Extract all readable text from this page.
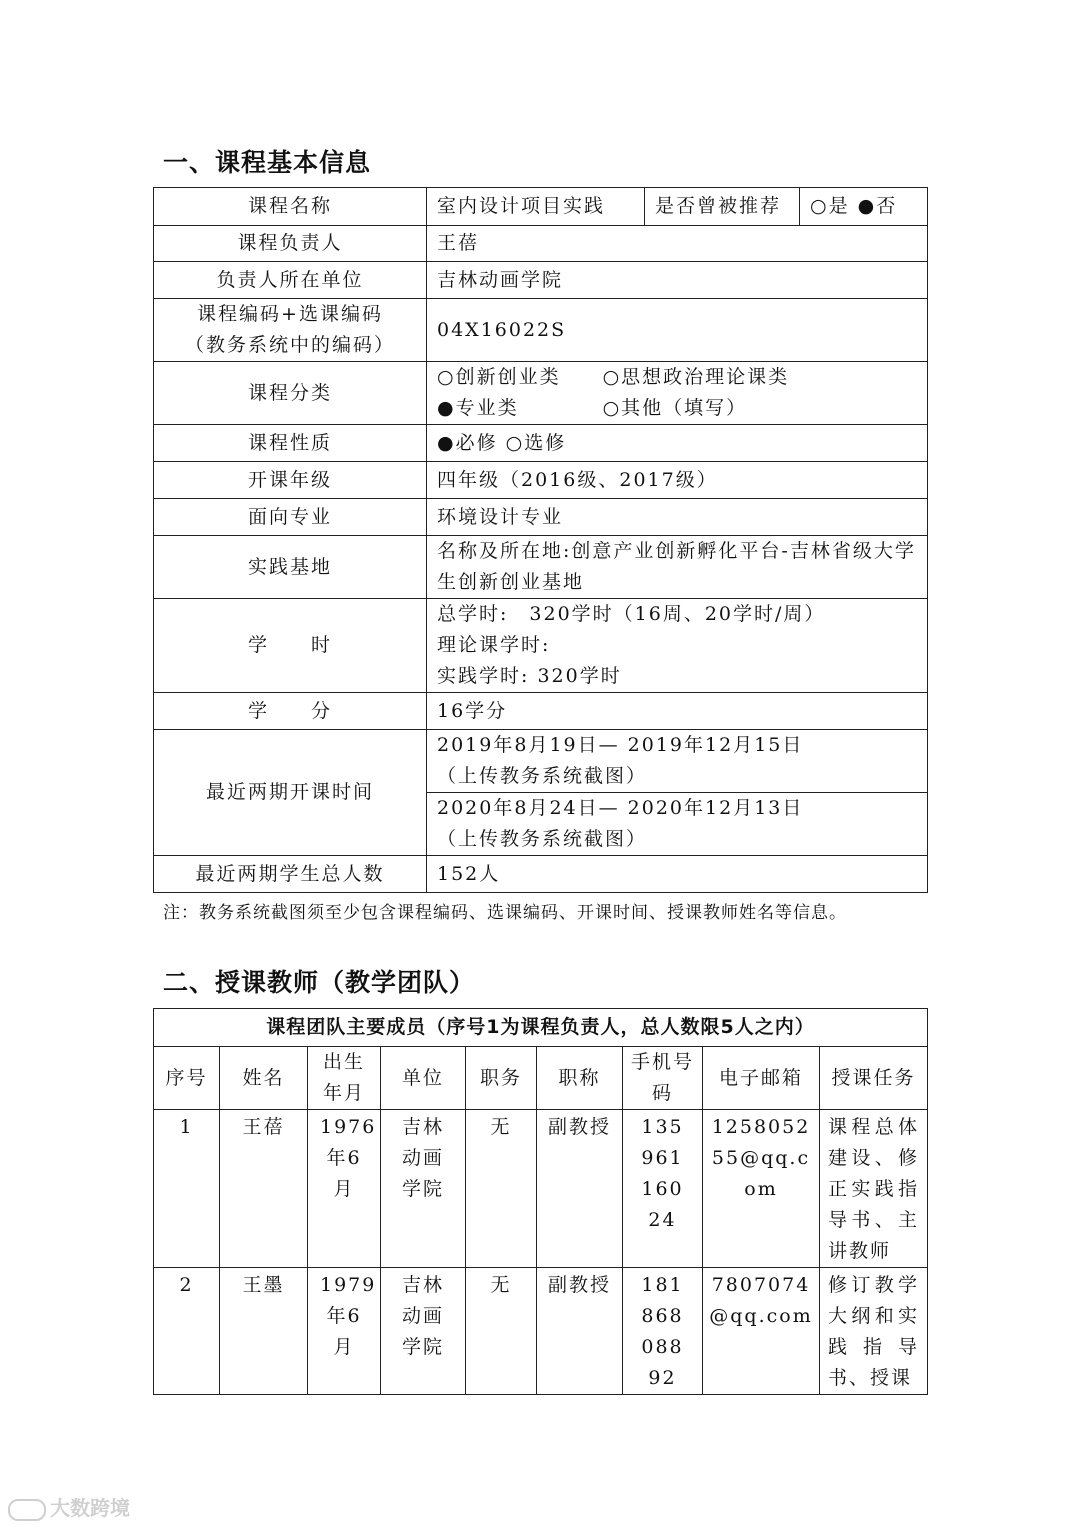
一、课程基本信息
课程名称	室内设计项目实践	是否曾被推荐	○是 ●否
课程负责人	王蓓		
负责人所在单位	吉林动画学院		

课程编码+选课编码
（教务系统中的编码）	04X16022S		
课程分类	○创新创业类　　○思想政治理论课类
●专业类　　　　○其他（填写）		

课程性质	●必修 ○选修		
开课年级	四年级（2016级、2017级）		
面向专业	环境设计专业		
实践基地	名称及所在地:创意产业创新孵化平台-吉林省级大学生创新创业基地		
学　　时	总学时:　320学时（16周、20学时/周）
理论课学时:
实践学时: 320学时		

学　　分	16学分		
最近两期开课时间	2019年8月19日— 2019年12月15日
（上传教务系统截图）		

	2020年8月24日— 2020年12月13日
（上传教务系统截图）		

最近两期学生总人数	152人		

注：教务系统截图须至少包含课程编码、选课编码、开课时间、授课教师姓名等信息。

二、授课教师（教学团队）
课程团队主要成员（序号1为课程负责人，总人数限5人之内）								
序号	姓名	出生年月	单位	职务	职称	手机号码	电子邮箱	授课任务
1	王蓓	1976年6月	吉林动画学院	无	副教授	13596116024	125805255@qq.com	课程总体建设、修正实践指导书、主讲教师
2	王墨	1979年6月	吉林动画学院	无	副教授	18186808892	7807074@qq.com	修订教学大纲和实践指导书、授课
大数跨境
